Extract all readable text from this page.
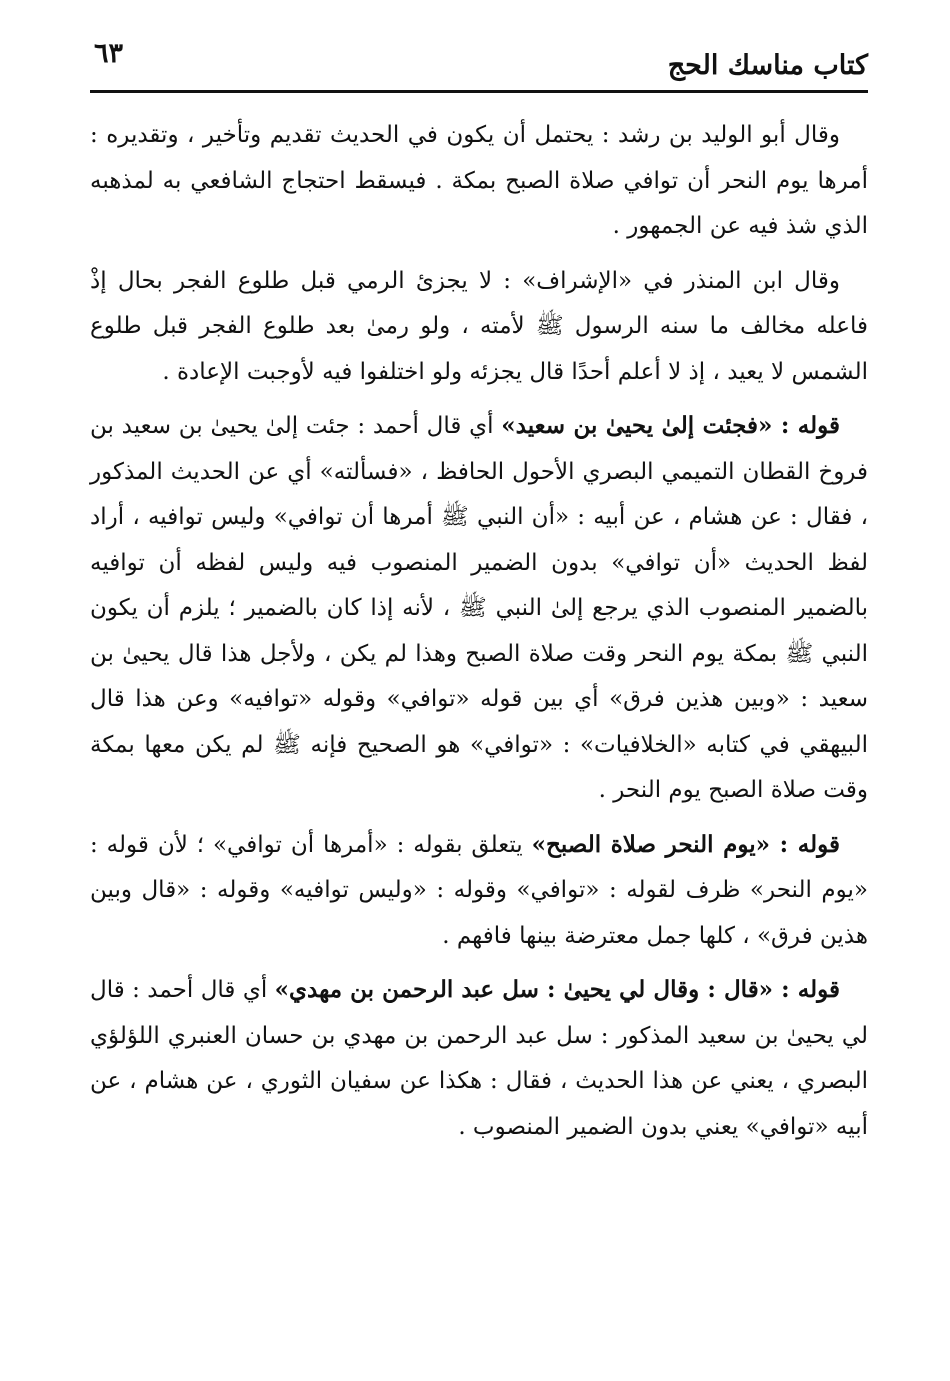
كتاب مناسك الحج
٦٣

وقال أبو الوليد بن رشد : يحتمل أن يكون في الحديث تقديم وتأخير ، وتقديره : أمرها يوم النحر أن توافي صلاة الصبح بمكة . فيسقط احتجاج الشافعي به لمذهبه الذي شذ فيه عن الجمهور .

وقال ابن المنذر في «الإشراف» : لا يجزئ الرمي قبل طلوع الفجر بحال إذْ فاعله مخالف ما سنه الرسول ﷺ لأمته ، ولو رمىٰ بعد طلوع الفجر قبل طلوع الشمس لا يعيد ، إذ لا أعلم أحدًا قال يجزئه ولو اختلفوا فيه لأوجبت الإعادة .

قوله : «فجئت إلىٰ يحيىٰ بن سعيد» أي قال أحمد : جئت إلىٰ يحيىٰ بن سعيد بن فروخ القطان التميمي البصري الأحول الحافظ ، «فسألته» أي عن الحديث المذكور ، فقال : عن هشام ، عن أبيه : «أن النبي ﷺ أمرها أن توافي» وليس توافيه ، أراد لفظ الحديث «أن توافي» بدون الضمير المنصوب فيه وليس لفظه أن توافيه بالضمير المنصوب الذي يرجع إلىٰ النبي ﷺ ، لأنه إذا كان بالضمير ؛ يلزم أن يكون النبي ﷺ بمكة يوم النحر وقت صلاة الصبح وهذا لم يكن ، ولأجل هذا قال يحيىٰ بن سعيد : «وبين هذين فرق» أي بين قوله «توافي» وقوله «توافيه» وعن هذا قال البيهقي في كتابه «الخلافيات» : «توافي» هو الصحيح فإنه ﷺ لم يكن معها بمكة وقت صلاة الصبح يوم النحر .

قوله : «يوم النحر صلاة الصبح» يتعلق بقوله : «أمرها أن توافي» ؛ لأن قوله : «يوم النحر» ظرف لقوله : «توافي» وقوله : «وليس توافيه» وقوله : «قال وبين هذين فرق» ، كلها جمل معترضة بينها فافهم .

قوله : «قال : وقال لي يحيىٰ : سل عبد الرحمن بن مهدي» أي قال أحمد : قال لي يحيىٰ بن سعيد المذكور : سل عبد الرحمن بن مهدي بن حسان العنبري اللؤلؤي البصري ، يعني عن هذا الحديث ، فقال : هكذا عن سفيان الثوري ، عن هشام ، عن أبيه «توافي» يعني بدون الضمير المنصوب .
